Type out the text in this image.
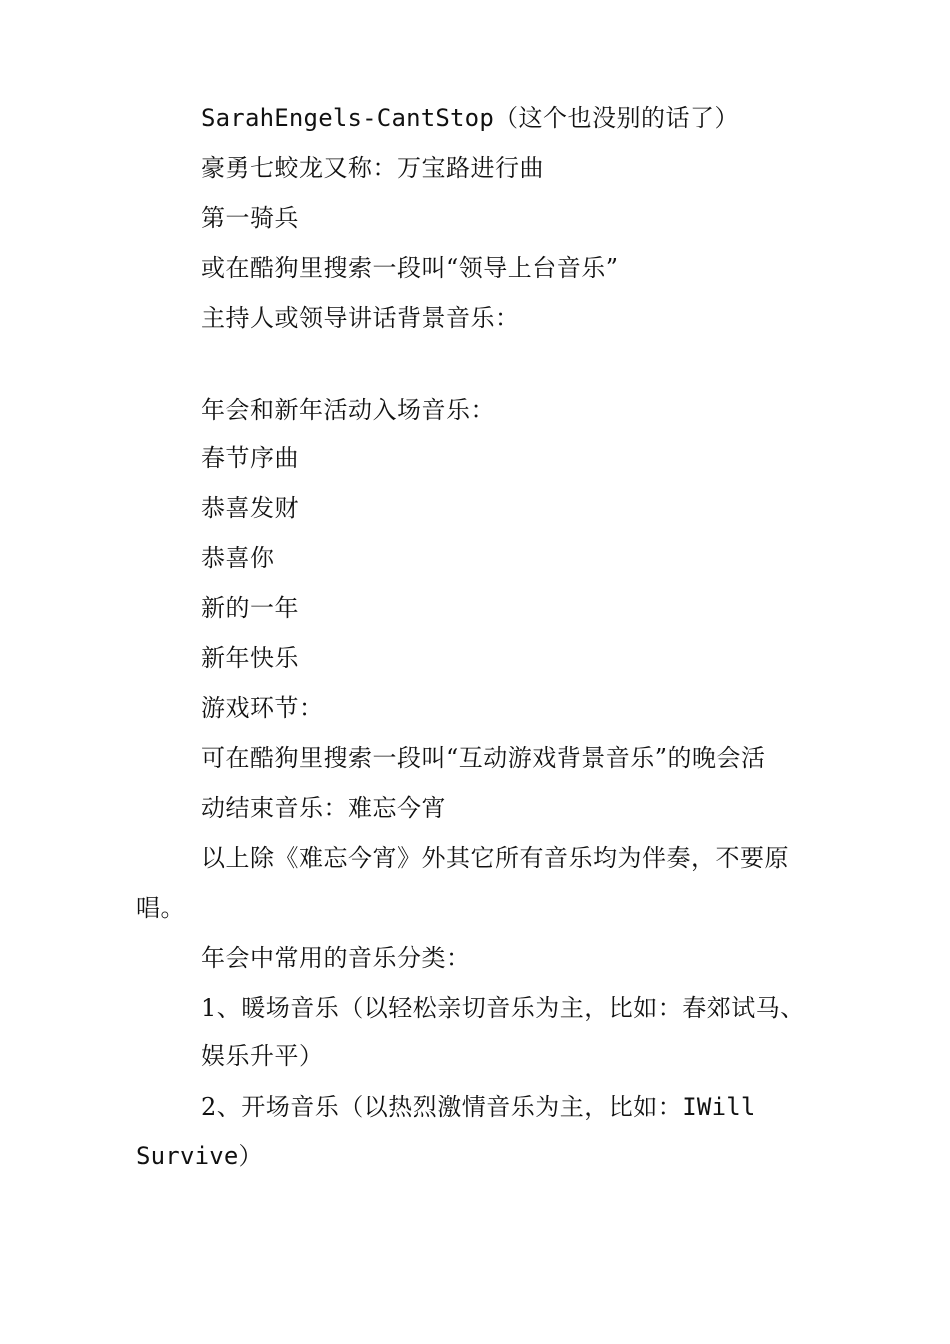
SarahEngels-CantStop（这个也没别的话了）
豪勇七蛟龙又称：万宝路进行曲
第一骑兵
或在酷狗里搜索一段叫“领导上台音乐”
主持人或领导讲话背景音乐：
年会和新年活动入场音乐：
春节序曲
恭喜发财
恭喜你
新的一年
新年快乐
游戏环节：
可在酷狗里搜索一段叫“互动游戏背景音乐”的晚会活
动结束音乐：难忘今宵
以上除《难忘今宵》外其它所有音乐均为伴奏，不要原
唱。
年会中常用的音乐分类：
1、暖场音乐（以轻松亲切音乐为主，比如：春郊试马、
娱乐升平）
2、开场音乐（以热烈激情音乐为主，比如：IWill
Survive）
